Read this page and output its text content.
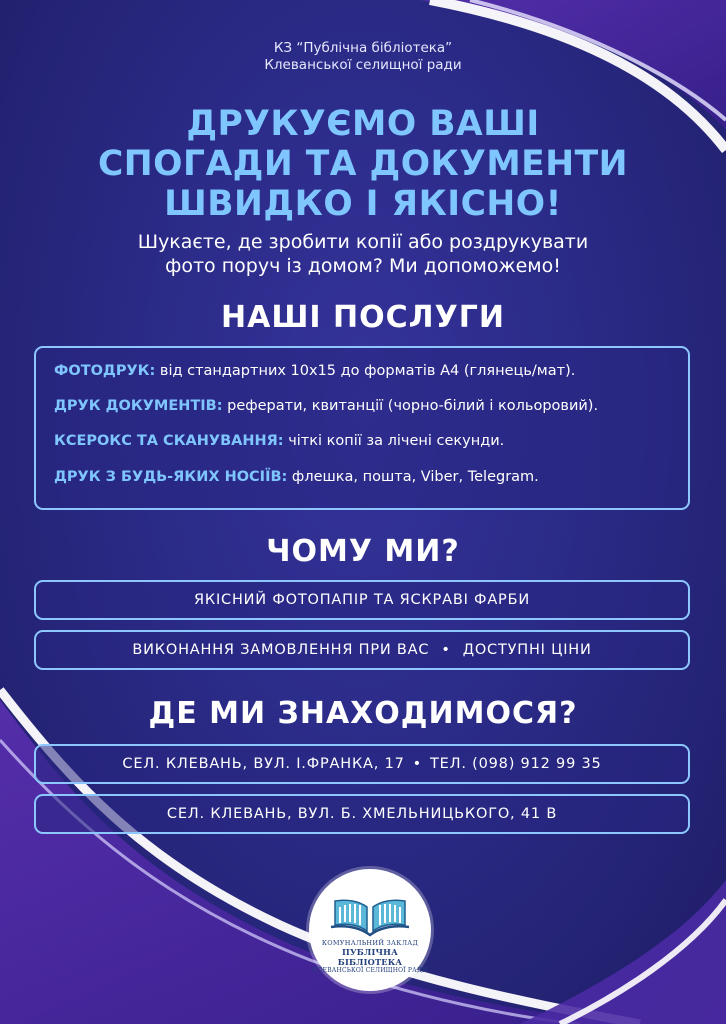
КЗ “Публічна бібліотека”
Клеванської селищної ради
ДРУКУЄМО ВАШІ
СПОГАДИ ТА ДОКУМЕНТИ
ШВИДКО І ЯКІСНО!
Шукаєте, де зробити копії або роздрукувати
фото поруч із домом? Ми допоможемо!
НАШІ ПОСЛУГИ
ФОТОДРУК: від стандартних 10х15 до форматів А4 (глянець/мат).
ДРУК ДОКУМЕНТІВ: реферати, квитанції (чорно-білий і кольоровий).
КСЕРОКС ТА СКАНУВАННЯ: чіткі копії за лічені секунди.
ДРУК З БУДЬ-ЯКИХ НОСІЇВ: флешка, пошта, Viber, Telegram.
ЧОМУ МИ?
ЯКІСНИЙ ФОТОПАПІР ТА ЯСКРАВІ ФАРБИ
ВИКОНАННЯ ЗАМОВЛЕННЯ ПРИ ВАС • ДОСТУПНІ ЦІНИ
ДЕ МИ ЗНАХОДИМОСЯ?
СЕЛ. КЛЕВАНЬ, ВУЛ. І.ФРАНКА, 17 • ТЕЛ. (098) 912 99 35
СЕЛ. КЛЕВАНЬ, ВУЛ. Б. ХМЕЛЬНИЦЬКОГО, 41 В
КОМУНАЛЬНИЙ ЗАКЛАД
ПУБЛІЧНА БІБЛІОТЕКА
КЛЕВАНСЬКОЇ СЕЛИЩНОЇ РАДИ
